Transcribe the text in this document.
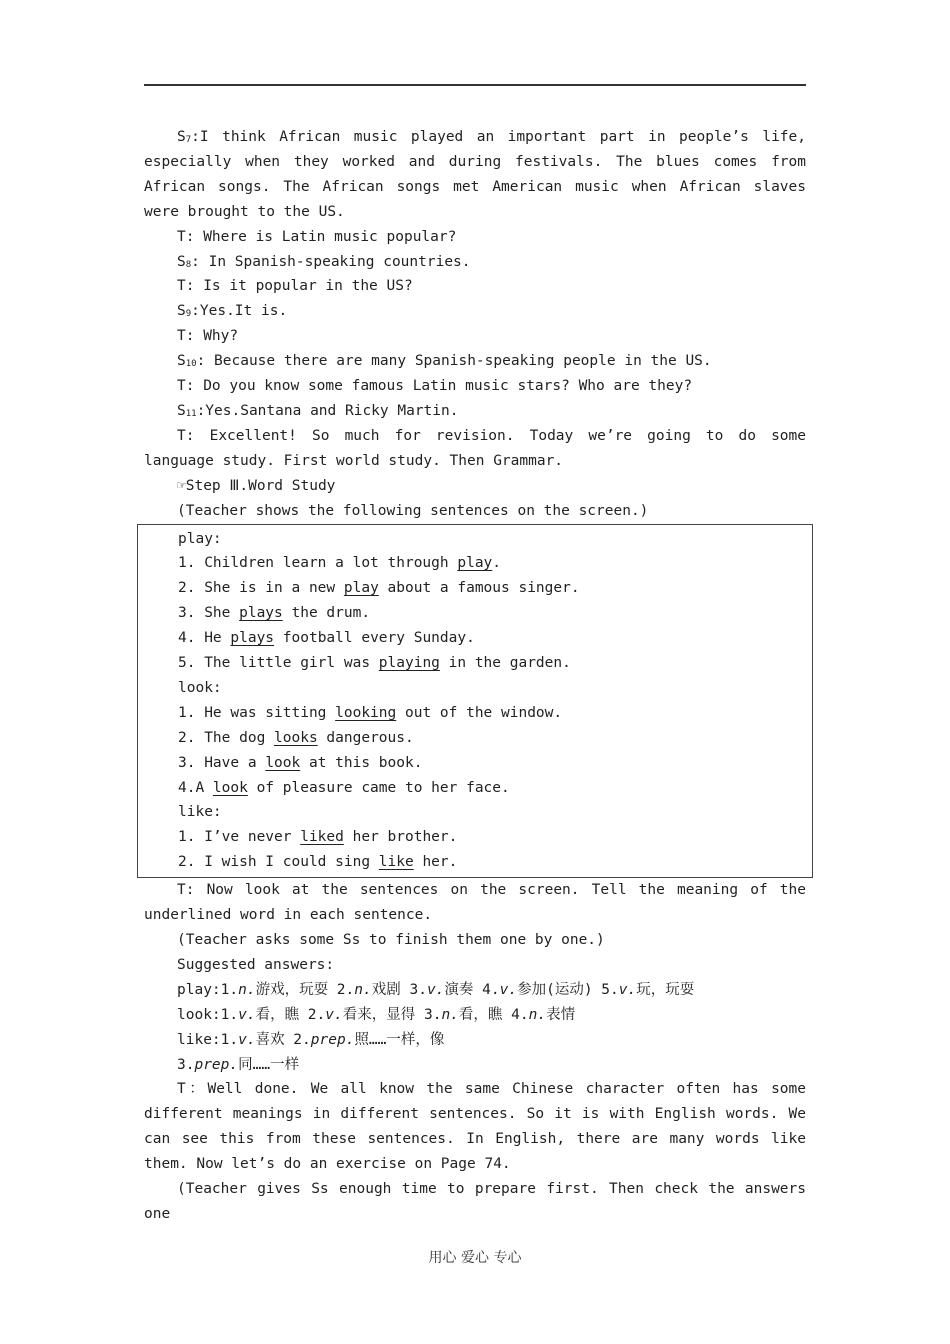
$S_7:I$ think African music played an important part in people’s life, especially when they worked and during festivals. The blues comes from African songs. The African songs met American music when African slaves were brought to the US.

T: Where is Latin music popular?

$S_8$: In Spanish-speaking countries.

T: Is it popular in the US?

$S_9:Yes.It$ is.

T: Why?

$S_{10}$: Because there are many Spanish-speaking people in the US.

T: Do you know some famous Latin music stars? Who are they?

$S_{11}:Yes.Santana$ and Ricky Martin.

T: Excellent! So much for revision. Today we’re going to do some language study. First world study. Then Grammar.

☞Step Ⅲ.Word Study

(Teacher shows the following sentences on the screen.)

play:

1. Children learn a lot through play.

2. She is in a new play about a famous singer.

3. She plays the drum.

4. He plays football every Sunday.

5. The little girl was playing in the garden.

look:

1. He was sitting looking out of the window.

2. The dog looks dangerous.

3. Have a look at this book.

4.A look of pleasure came to her face.

like:

1. I’ve never liked her brother.

2. I wish I could sing like her.

T: Now look at the sentences on the screen. Tell the meaning of the underlined word in each sentence.

(Teacher asks some Ss to finish them one by one.)

Suggested answers:

play:1.n.游戏，玩耍 2.n.戏剧 3.v.演奏 4.v.参加(运动) 5.v.玩，玩耍

look:1.v.看，瞧 2.v.看来，显得 3.n.看，瞧 4.n.表情

like:1.v.喜欢 2.prep.照……一样，像

3.prep.同……一样

T：Well done. We all know the same Chinese character often has some different meanings in different sentences. So it is with English words. We can see this from these sentences. In English, there are many words like them. Now let’s do an exercise on Page 74.

(Teacher gives Ss enough time to prepare first. Then check the answers one

用心 爱心 专心
